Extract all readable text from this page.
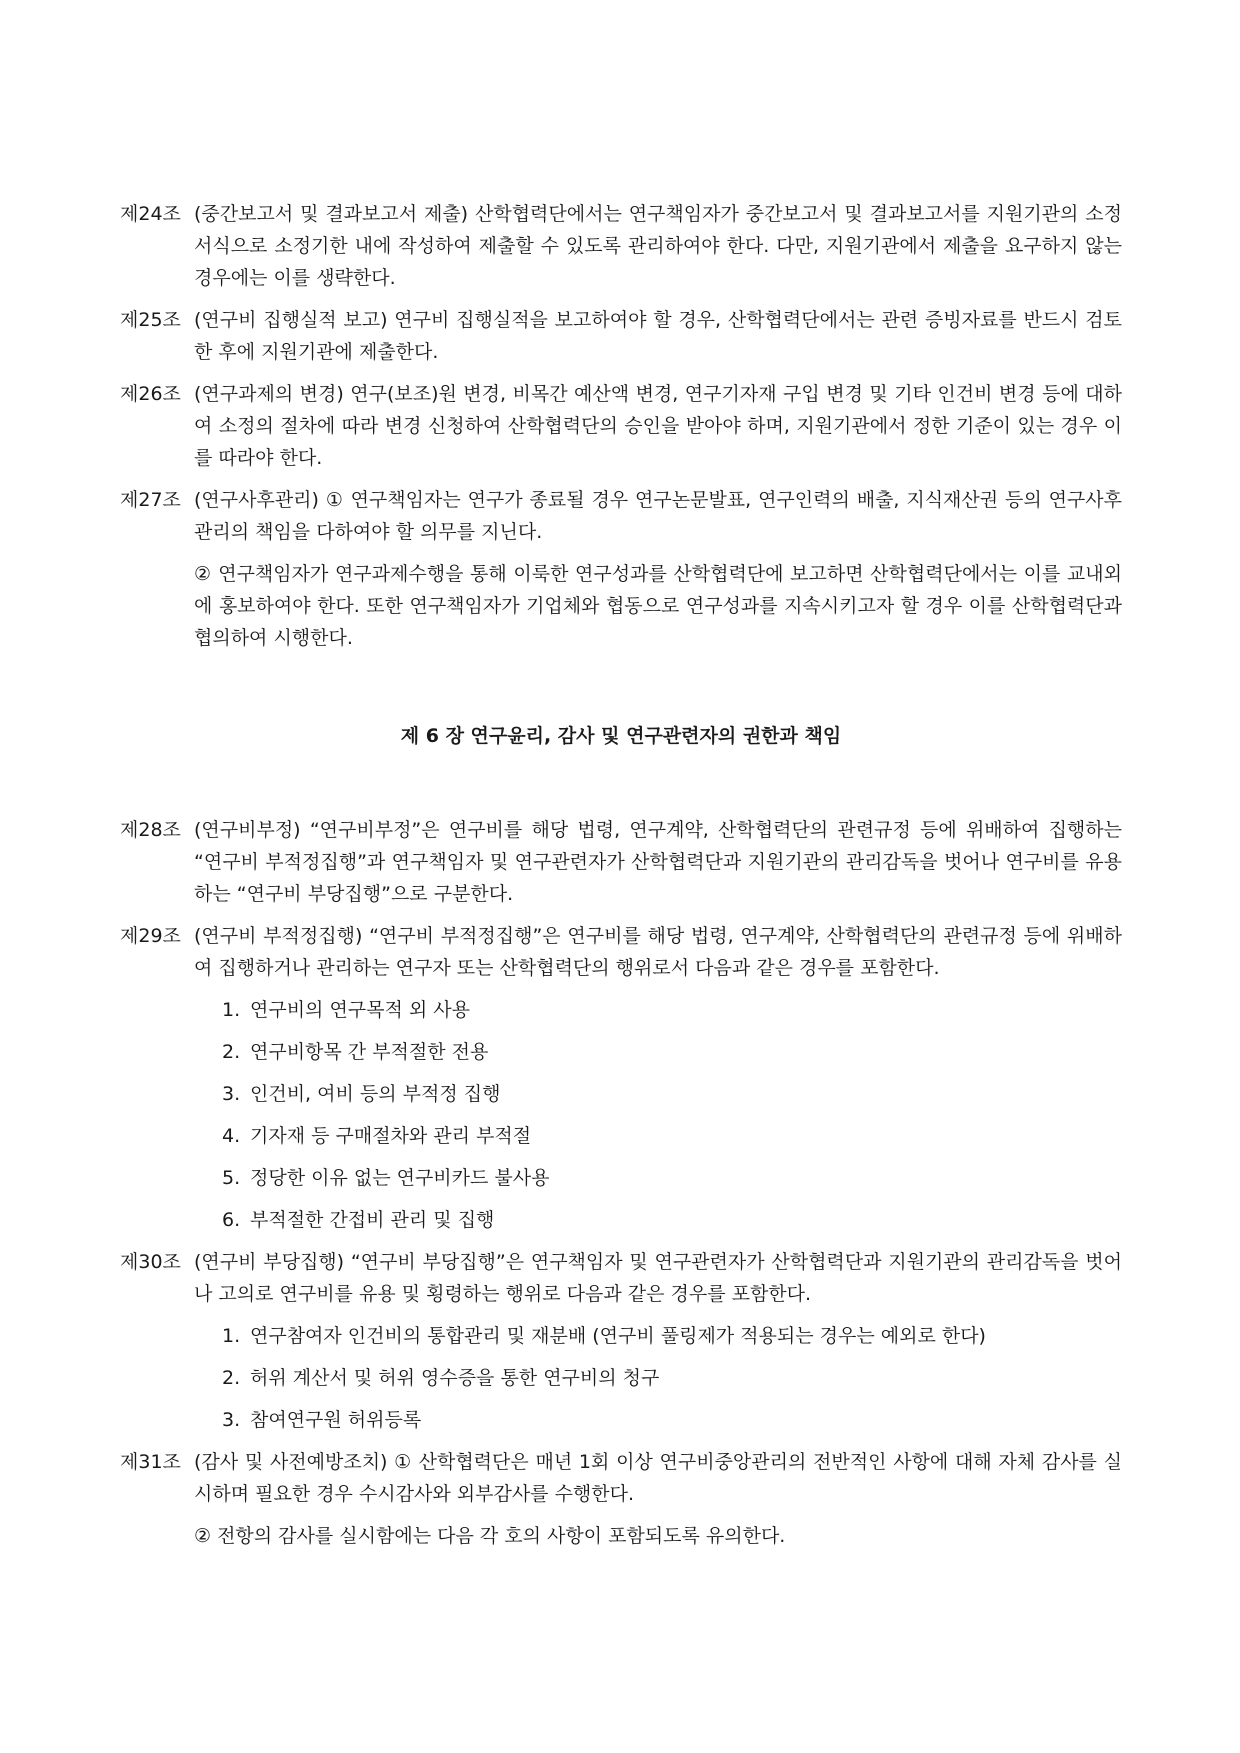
제24조 (중간보고서 및 결과보고서 제출) 산학협력단에서는 연구책임자가 중간보고서 및 결과보고서를 지원기관의 소정서식으로 소정기한 내에 작성하여 제출할 수 있도록 관리하여야 한다. 다만, 지원기관에서 제출을 요구하지 않는 경우에는 이를 생략한다.

제25조 (연구비 집행실적 보고) 연구비 집행실적을 보고하여야 할 경우, 산학협력단에서는 관련 증빙자료를 반드시 검토한 후에 지원기관에 제출한다.

제26조 (연구과제의 변경) 연구(보조)원 변경, 비목간 예산액 변경, 연구기자재 구입 변경 및 기타 인건비 변경 등에 대하여 소정의 절차에 따라 변경 신청하여 산학협력단의 승인을 받아야 하며, 지원기관에서 정한 기준이 있는 경우 이를 따라야 한다.

제27조 (연구사후관리) ① 연구책임자는 연구가 종료될 경우 연구논문발표, 연구인력의 배출, 지식재산권 등의 연구사후관리의 책임을 다하여야 할 의무를 지닌다.

② 연구책임자가 연구과제수행을 통해 이룩한 연구성과를 산학협력단에 보고하면 산학협력단에서는 이를 교내외에 홍보하여야 한다. 또한 연구책임자가 기업체와 협동으로 연구성과를 지속시키고자 할 경우 이를 산학협력단과 협의하여 시행한다.

제 6 장 연구윤리, 감사 및 연구관련자의 권한과 책임
제28조 (연구비부정) “연구비부정”은 연구비를 해당 법령, 연구계약, 산학협력단의 관련규정 등에 위배하여 집행하는 “연구비 부적정집행”과 연구책임자 및 연구관련자가 산학협력단과 지원기관의 관리감독을 벗어나 연구비를 유용하는 “연구비 부당집행”으로 구분한다.

제29조 (연구비 부적정집행) “연구비 부적정집행”은 연구비를 해당 법령, 연구계약, 산학협력단의 관련규정 등에 위배하여 집행하거나 관리하는 연구자 또는 산학협력단의 행위로서 다음과 같은 경우를 포함한다.

1. 연구비의 연구목적 외 사용
2. 연구비항목 간 부적절한 전용
3. 인건비, 여비 등의 부적정 집행
4. 기자재 등 구매절차와 관리 부적절
5. 정당한 이유 없는 연구비카드 불사용
6. 부적절한 간접비 관리 및 집행
제30조 (연구비 부당집행) “연구비 부당집행”은 연구책임자 및 연구관련자가 산학협력단과 지원기관의 관리감독을 벗어나 고의로 연구비를 유용 및 횡령하는 행위로 다음과 같은 경우를 포함한다.

1. 연구참여자 인건비의 통합관리 및 재분배 (연구비 풀링제가 적용되는 경우는 예외로 한다)
2. 허위 계산서 및 허위 영수증을 통한 연구비의 청구
3. 참여연구원 허위등록
제31조 (감사 및 사전예방조치) ① 산학협력단은 매년 1회 이상 연구비중앙관리의 전반적인 사항에 대해 자체 감사를 실시하며 필요한 경우 수시감사와 외부감사를 수행한다.

② 전항의 감사를 실시함에는 다음 각 호의 사항이 포함되도록 유의한다.
